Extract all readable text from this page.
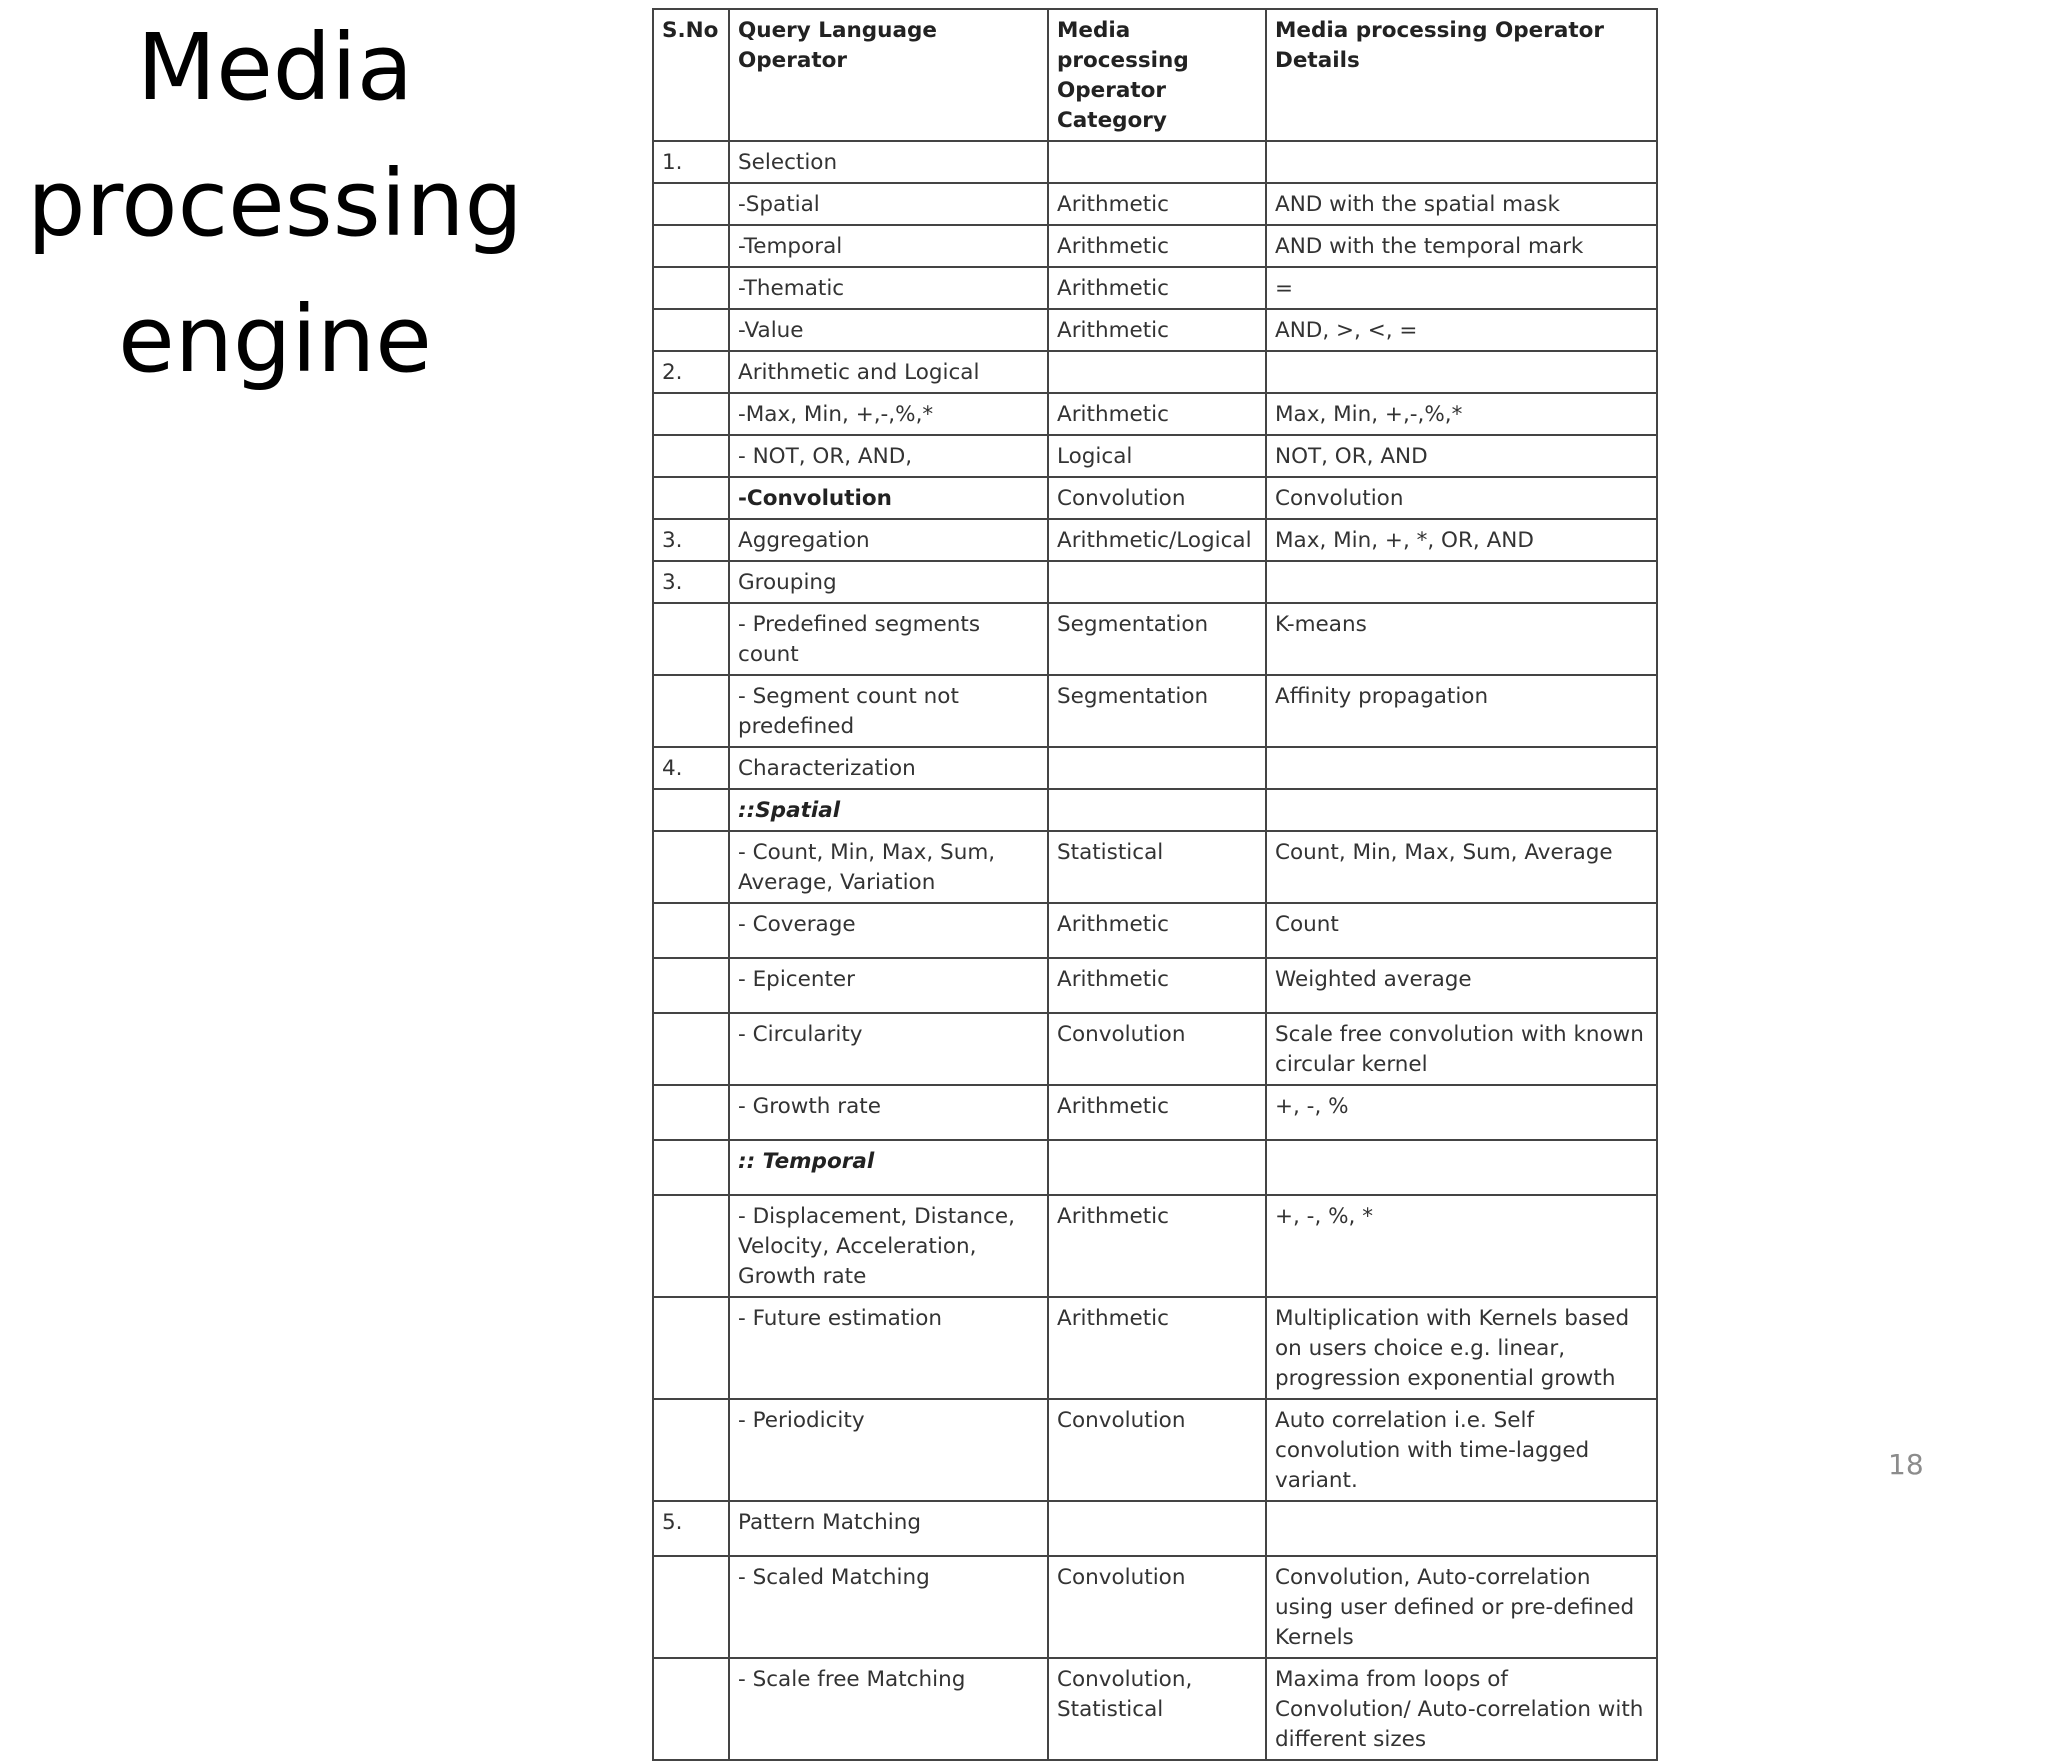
Media
processing
engine
S.No	Query Language Operator	Media processing Operator Category	Media processing Operator Details
1.	Selection		
	-Spatial	Arithmetic	AND with the spatial mask
	-Temporal	Arithmetic	AND with the temporal mark
	-Thematic	Arithmetic	=
	-Value	Arithmetic	AND, >, <, =
2.	Arithmetic and Logical		
	-Max, Min, +,-,%,*	Arithmetic	Max, Min, +,-,%,*
	- NOT, OR, AND,	Logical	NOT, OR, AND
	-Convolution	Convolution	Convolution
3.	Aggregation	Arithmetic/Logical	Max, Min, +, *, OR, AND
3.	Grouping		
	- Predefined segments count	Segmentation	K-means
	- Segment count not predefined	Segmentation	Affinity propagation
4.	Characterization		
	::Spatial		
	- Count, Min, Max, Sum, Average, Variation	Statistical	Count, Min, Max, Sum, Average
	- Coverage	Arithmetic	Count
	- Epicenter	Arithmetic	Weighted average
	- Circularity	Convolution	Scale free convolution with known circular kernel
	- Growth rate	Arithmetic	+, -, %
	:: Temporal		
	- Displacement, Distance, Velocity, Acceleration, Growth rate	Arithmetic	+, -, %, *
	- Future estimation	Arithmetic	Multiplication with Kernels based on users choice e.g. linear, progression exponential growth
	- Periodicity	Convolution	Auto correlation i.e. Self convolution with time-lagged variant.
5.	Pattern Matching		
	- Scaled Matching	Convolution	Convolution, Auto-correlation using user defined or pre-defined Kernels
	- Scale free Matching	Convolution, Statistical	Maxima from loops of Convolution/ Auto-correlation with different sizes
18
